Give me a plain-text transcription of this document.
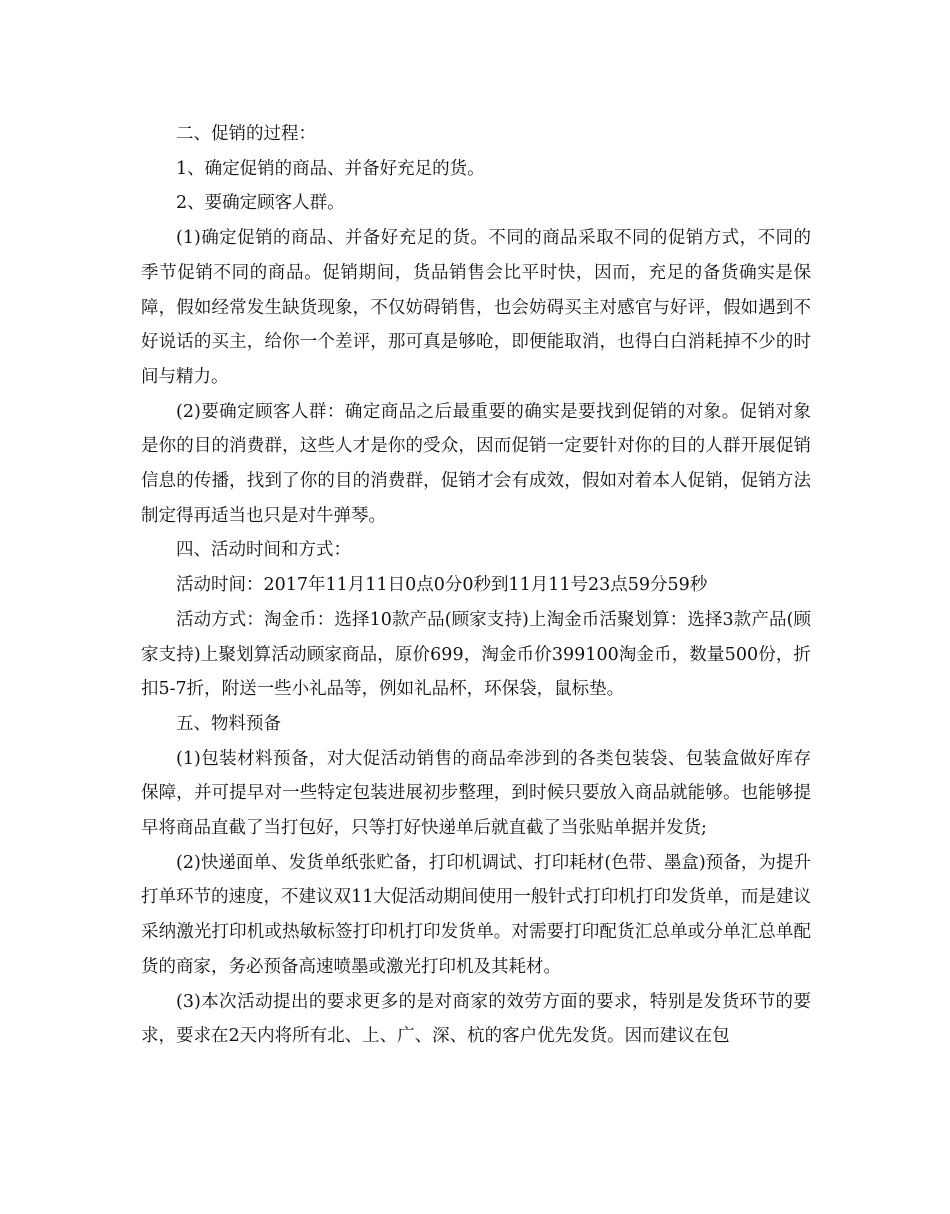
二、促销的过程：

1、确定促销的商品、并备好充足的货。

2、要确定顾客人群。

(1)确定促销的商品、并备好充足的货。不同的商品采取不同的促销方式，不同的季节促销不同的商品。促销期间，货品销售会比平时快，因而，充足的备货确实是保障，假如经常发生缺货现象，不仅妨碍销售，也会妨碍买主对感官与好评，假如遇到不好说话的买主，给你一个差评，那可真是够呛，即便能取消，也得白白消耗掉不少的时间与精力。

(2)要确定顾客人群：确定商品之后最重要的确实是要找到促销的对象。促销对象是你的目的消费群，这些人才是你的受众，因而促销一定要针对你的目的人群开展促销信息的传播，找到了你的目的消费群，促销才会有成效，假如对着本人促销，促销方法制定得再适当也只是对牛弹琴。

四、活动时间和方式：

活动时间：2017年11月11日0点0分0秒到11月11号23点59分59秒

活动方式：淘金币：选择10款产品(顾家支持)上淘金币活聚划算：选择3款产品(顾家支持)上聚划算活动顾家商品，原价699，淘金币价399100淘金币，数量500份，折扣5-7折，附送一些小礼品等，例如礼品杯，环保袋，鼠标垫。

五、物料预备

(1)包装材料预备，对大促活动销售的商品牵涉到的各类包装袋、包装盒做好库存保障，并可提早对一些特定包装进展初步整理，到时候只要放入商品就能够。也能够提早将商品直截了当打包好，只等打好快递单后就直截了当张贴单据并发货;

(2)快递面单、发货单纸张贮备，打印机调试、打印耗材(色带、墨盒)预备，为提升打单环节的速度，不建议双11大促活动期间使用一般针式打印机打印发货单，而是建议采纳激光打印机或热敏标签打印机打印发货单。对需要打印配货汇总单或分单汇总单配货的商家，务必预备高速喷墨或激光打印机及其耗材。

(3)本次活动提出的要求更多的是对商家的效劳方面的要求，特别是发货环节的要求，要求在2天内将所有北、上、广、深、杭的客户优先发货。因而建议在包
